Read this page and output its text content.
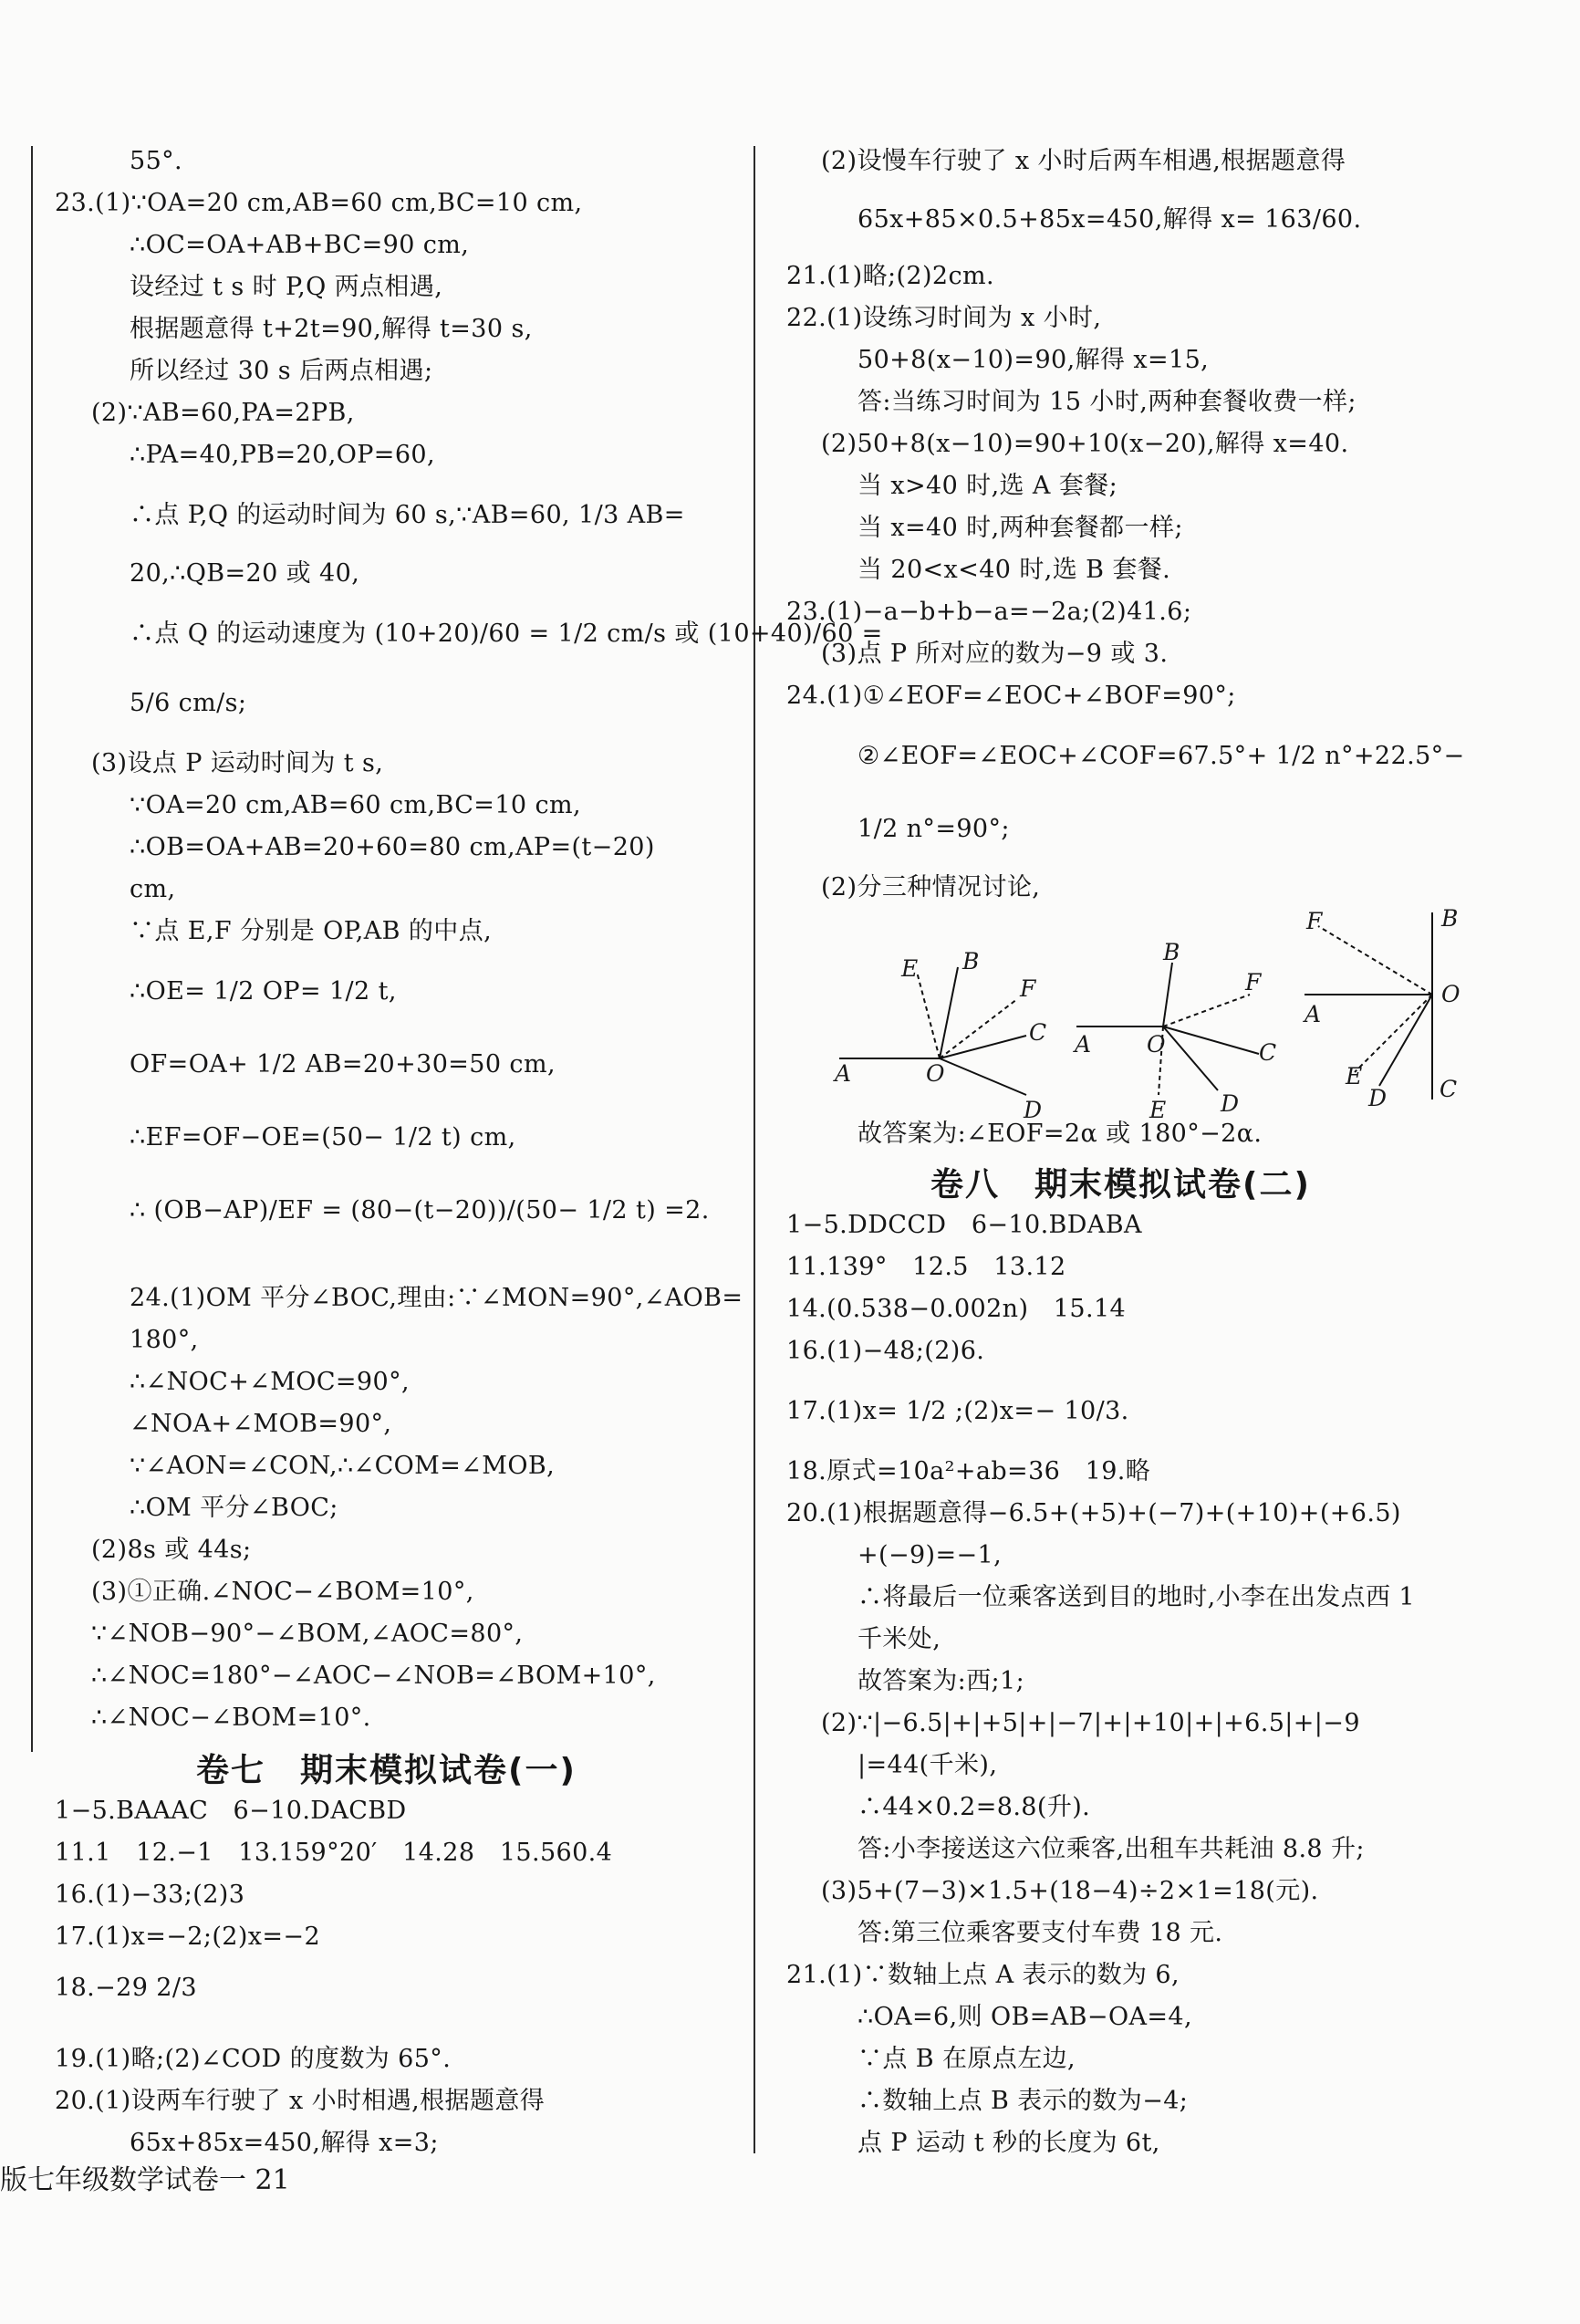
E B
F
C
A	O
D
B
F
A O	C
E D
F	B
A
O
E
D C
版七年级数学试卷一 21
55°.
23.(1)∵OA=20 cm,AB=60 cm,BC=10 cm,
∴OC=OA+AB+BC=90 cm,
设经过 t s 时 P,Q 两点相遇,
根据题意得 t+2t=90,解得 t=30 s,
所以经过 30 s 后两点相遇;
(2)∵AB=60,PA=2PB,
∴PA=40,PB=20,OP=60,
∴点 P,Q 的运动时间为 60 s,∵AB=60, 1/3 AB=
20,∴QB=20 或 40,
∴点 Q 的运动速度为 (10+20)/60 = 1/2 cm/s 或 (10+40)/60 =
5/6 cm/s;
(3)设点 P 运动时间为 t s,
∵OA=20 cm,AB=60 cm,BC=10 cm,
∴OB=OA+AB=20+60=80 cm,AP=(t−20)
cm,
∵点 E,F 分别是 OP,AB 的中点,
∴OE= 1/2 OP= 1/2 t,
OF=OA+ 1/2 AB=20+30=50 cm,
∴EF=OF−OE=(50− 1/2 t) cm,
∴ (OB−AP)/EF = (80−(t−20))/(50− 1/2 t) =2.
24.(1)OM 平分∠BOC,理由:∵∠MON=90°,∠AOB=
180°,
∴∠NOC+∠MOC=90°,
∠NOA+∠MOB=90°,
∵∠AON=∠CON,∴∠COM=∠MOB,
∴OM 平分∠BOC;
(2)8s 或 44s;
(3)①正确.∠NOC−∠BOM=10°,
∵∠NOB−90°−∠BOM,∠AOC=80°,
∴∠NOC=180°−∠AOC−∠NOB=∠BOM+10°,
∴∠NOC−∠BOM=10°.
卷七　期末模拟试卷(一)
1−5.BAAAC　6−10.DACBD
11.1　12.−1　13.159°20′　14.28　15.560.4
16.(1)−33;(2)3
17.(1)x=−2;(2)x=−2
18.−29 2/3
19.(1)略;(2)∠COD 的度数为 65°.
20.(1)设两车行驶了 x 小时相遇,根据题意得
65x+85x=450,解得 x=3;
(2)设慢车行驶了 x 小时后两车相遇,根据题意得
65x+85×0.5+85x=450,解得 x= 163/60.
21.(1)略;(2)2cm.
22.(1)设练习时间为 x 小时,
50+8(x−10)=90,解得 x=15,
答:当练习时间为 15 小时,两种套餐收费一样;
(2)50+8(x−10)=90+10(x−20),解得 x=40.
当 x>40 时,选 A 套餐;
当 x=40 时,两种套餐都一样;
当 20<x<40 时,选 B 套餐.
23.(1)−a−b+b−a=−2a;(2)41.6;
(3)点 P 所对应的数为−9 或 3.
24.(1)①∠EOF=∠EOC+∠BOF=90°;
②∠EOF=∠EOC+∠COF=67.5°+ 1/2 n°+22.5°−
1/2 n°=90°;
(2)分三种情况讨论,
故答案为:∠EOF=2α 或 180°−2α.
卷八　期末模拟试卷(二)
1−5.DDCCD　6−10.BDABA
11.139°　12.5　13.12
14.(0.538−0.002n)　15.14
16.(1)−48;(2)6.
17.(1)x= 1/2 ;(2)x=− 10/3.
18.原式=10a²+ab=36　19.略
20.(1)根据题意得−6.5+(+5)+(−7)+(+10)+(+6.5)
+(−9)=−1,
∴将最后一位乘客送到目的地时,小李在出发点西 1
千米处,
故答案为:西;1;
(2)∵|−6.5|+|+5|+|−7|+|+10|+|+6.5|+|−9
|=44(千米),
∴44×0.2=8.8(升).
答:小李接送这六位乘客,出租车共耗油 8.8 升;
(3)5+(7−3)×1.5+(18−4)÷2×1=18(元).
答:第三位乘客要支付车费 18 元.
21.(1)∵数轴上点 A 表示的数为 6,
∴OA=6,则 OB=AB−OA=4,
∵点 B 在原点左边,
∴数轴上点 B 表示的数为−4;
点 P 运动 t 秒的长度为 6t,
